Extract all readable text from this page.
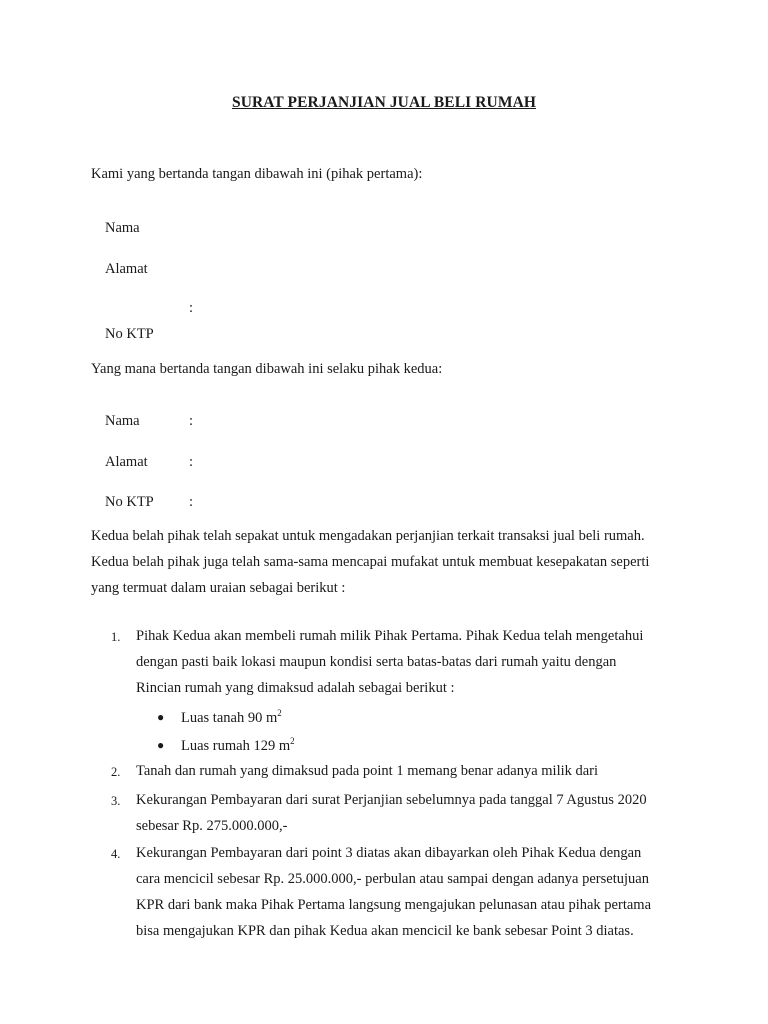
SURAT PERJANJIAN JUAL BELI RUMAH
Kami yang bertanda tangan dibawah ini (pihak pertama):
Nama
Alamat
:
No KTP
Yang mana bertanda tangan dibawah ini selaku pihak kedua:
Nama	:
Alamat	:
No KTP :
Kedua belah pihak telah sepakat untuk mengadakan perjanjian terkait transaksi jual beli rumah.
Kedua belah pihak juga telah sama-sama mencapai mufakat untuk membuat kesepakatan seperti
yang termuat dalam uraian sebagai berikut :
1. Pihak Kedua akan membeli rumah milik Pihak Pertama. Pihak Kedua telah mengetahui
dengan pasti baik lokasi maupun kondisi serta batas-batas dari rumah yaitu dengan
Rincian rumah yang dimaksud adalah sebagai berikut :
● Luas tanah 90 $m^2$
● Luas rumah 129 $m^2$
2. Tanah dan rumah yang dimaksud pada point 1 memang benar adanya milik dari
3. Kekurangan Pembayaran dari surat Perjanjian sebelumnya pada tanggal 7 Agustus 2020
sebesar Rp. 275.000.000,-
4. Kekurangan Pembayaran dari point 3 diatas akan dibayarkan oleh Pihak Kedua dengan
cara mencicil sebesar Rp. 25.000.000,- perbulan atau sampai dengan adanya persetujuan
KPR dari bank maka Pihak Pertama langsung mengajukan pelunasan atau pihak pertama
bisa mengajukan KPR dan pihak Kedua akan mencicil ke bank sebesar Point 3 diatas.
